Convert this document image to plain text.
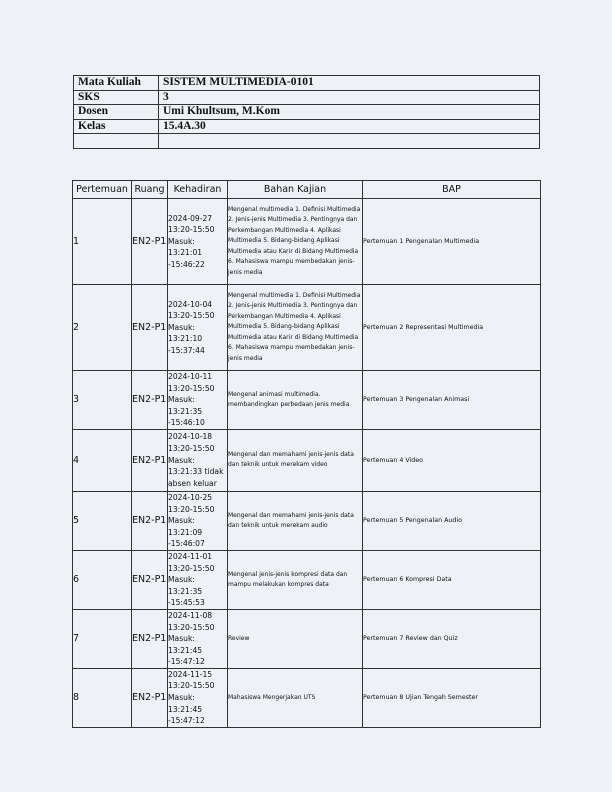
Mata Kuliah	SISTEM MULTIMEDIA-0101
SKS	3
Dosen	Umi Khultsum, M.Kom
Kelas	15.4A.30

Pertemuan	Ruang	Kehadiran	Bahan Kajian	BAP
1	EN2-P1	2024-09-27 13:20-15:50 Masuk: 13:21:01 -15:46:22	Mengenal multimedia 1. Definisi Multimedia 2. Jenis-jenis Multimedia 3. Pentingnya dan Perkembangan Multimedia 4. Aplikasi Multimedia 5. Bidang-bidang Aplikasi Multimedia atau Karir di Bidang Multimedia 6. Mahasiswa mampu membedakan jenis-jenis media	Pertemuan 1 Pengenalan Multimedia
2	EN2-P1	2024-10-04 13:20-15:50 Masuk: 13:21:10 -15:37:44	Mengenal multimedia 1. Definisi Multimedia 2. Jenis-jenis Multimedia 3. Pentingnya dan Perkembangan Multimedia 4. Aplikasi Multimedia 5. Bidang-bidang Aplikasi Multimedia atau Karir di Bidang Multimedia 6. Mahasiswa mampu membedakan jenis-jenis media	Pertemuan 2 Representasi Multimedia
3	EN2-P1	2024-10-11 13:20-15:50 Masuk: 13:21:35 -15:46:10	Mengenal animasi multimedia. membandingkan perbedaan jenis media	Pertemuan 3 Pengenalan Animasi
4	EN2-P1	2024-10-18 13:20-15:50 Masuk: 13:21:33 tidak absen keluar	Mengenal dan memahami jenis-jenis data dan teknik untuk merekam video	Pertemuan 4 Video
5	EN2-P1	2024-10-25 13:20-15:50 Masuk: 13:21:09 -15:46:07	Mengenal dan memahami jenis-jenis data dan teknik untuk merekam audio	Pertemuan 5 Pengenalan Audio
6	EN2-P1	2024-11-01 13:20-15:50 Masuk: 13:21:35 -15:45:53	Mengenal jenis-jenis kompresi data dan mampu melakukan kompres data	Pertemuan 6 Kompresi Data
7	EN2-P1	2024-11-08 13:20-15:50 Masuk: 13:21:45 -15:47:12	Review	Pertemuan 7 Review dan Quiz
8	EN2-P1	2024-11-15 13:20-15:50 Masuk: 13:21:45 -15:47:12	Mahasiswa Mengerjakan UTS	Pertemuan 8 Ujian Tengah Semester
